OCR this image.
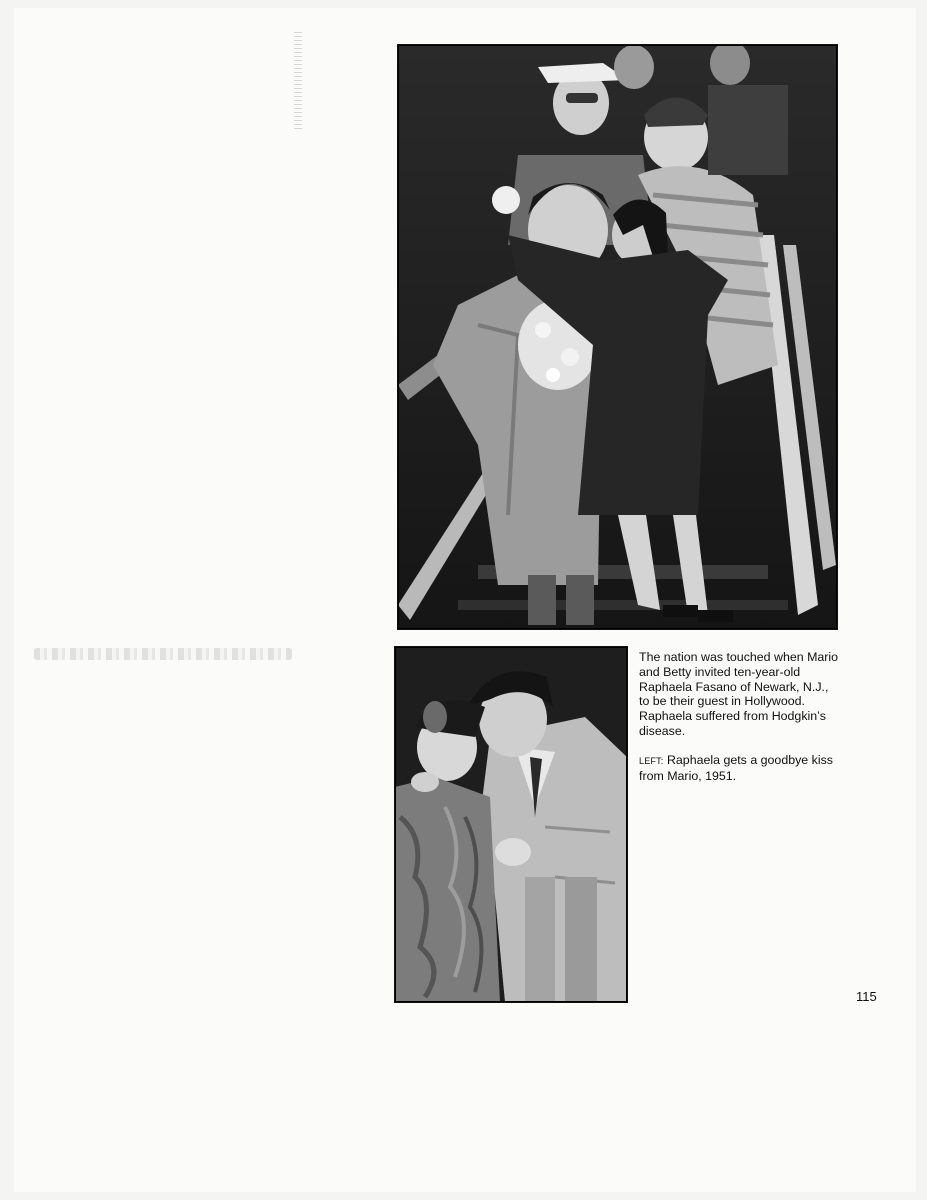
The nation was touched when Mario and Betty invited ten-year-old Raphaela Fasano of Newark, N.J., to be their guest in Hollywood. Raphaela suffered from Hodgkin’s disease.

LEFT: Raphaela gets a goodbye kiss from Mario, 1951.

115
